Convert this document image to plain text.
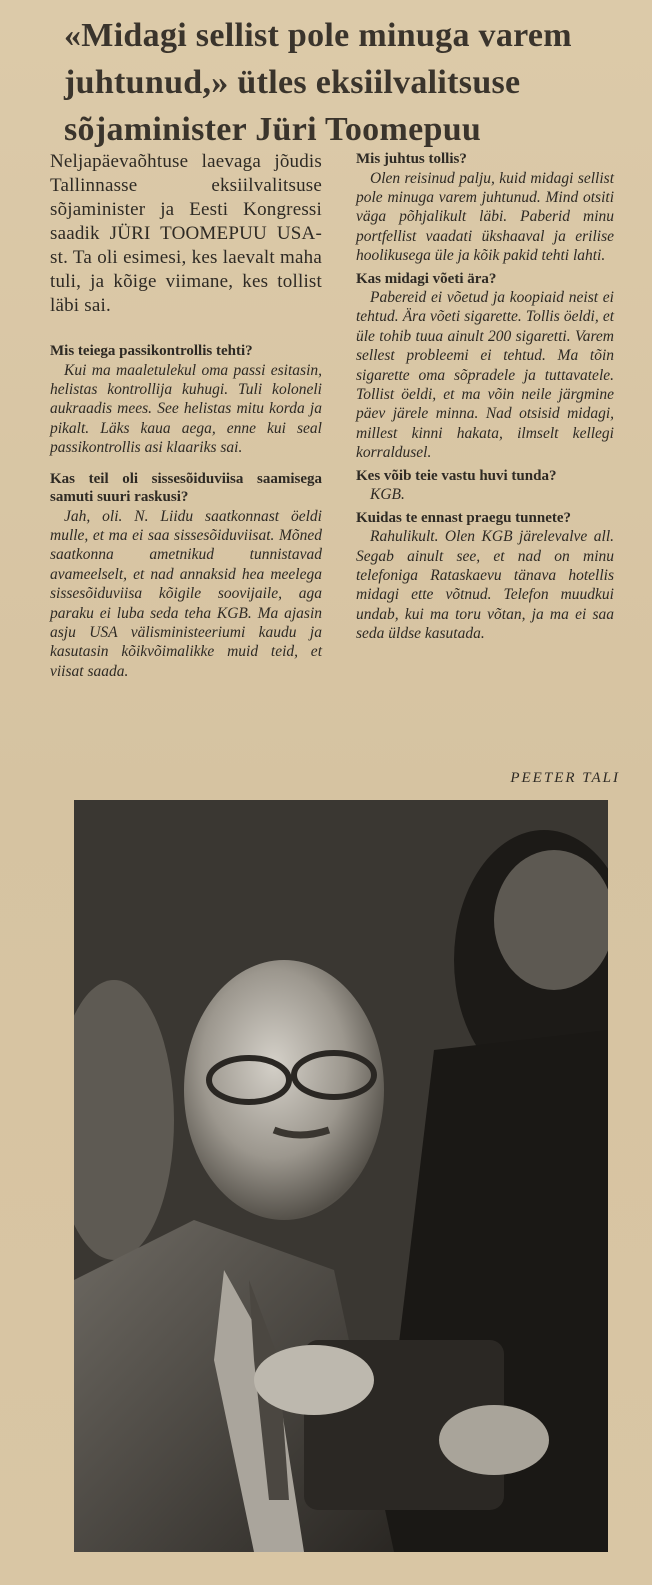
«Midagi sellist pole minuga varem
juhtunud,» ütles eksiilvalitsuse
sõjaminister Jüri Toomepuu

Neljapäevaõhtuse laevaga jõudis Tallinnasse eksiilvalitsuse sõjaminister ja Eesti Kongressi saadik JÜRI TOOMEPUU USA-st. Ta oli esimesi, kes laevalt maha tuli, ja kõige viimane, kes tollist läbi sai.

Mis teiega passikontrollis tehti?

Kui ma maaletulekul oma passi esitasin, helistas kontrollija kuhugi. Tuli koloneli aukraadis mees. See helistas mitu korda ja pikalt. Läks kaua aega, enne kui seal passikontrollis asi klaariks sai.

Kas teil oli sissesõiduviisa saamisega samuti suuri raskusi?

Jah, oli. N. Liidu saatkonnast öeldi mulle, et ma ei saa sissesõiduviisat. Mõned saatkonna ametnikud tunnistavad avameelselt, et nad annaksid hea meelega sissesõiduviisa kõigile soovijaile, aga paraku ei luba seda teha KGB. Ma ajasin asju USA välisministeeriumi kaudu ja kasutasin kõikvõimalikke muid teid, et viisat saada.

Mis juhtus tollis?

Olen reisinud palju, kuid midagi sellist pole minuga varem juhtunud. Mind otsiti väga põhjalikult läbi. Paberid minu portfellist vaadati ükshaaval ja erilise hoolikusega üle ja kõik pakid tehti lahti.

Kas midagi võeti ära?

Pabereid ei võetud ja koopiaid neist ei tehtud. Ära võeti sigarette. Tollis öeldi, et üle tohib tuua ainult 200 sigaretti. Varem sellest probleemi ei tehtud. Ma tõin sigarette oma sõpradele ja tuttavatele. Tollist öeldi, et ma võin neile järgmine päev järele minna. Nad otsisid midagi, millest kinni hakata, ilmselt kellegi korraldusel.

Kes võib teie vastu huvi tunda?

KGB.

Kuidas te ennast praegu tunnete?

Rahulikult. Olen KGB järelevalve all. Segab ainult see, et nad on minu telefoniga Rataskaevu tänava hotellis midagi ette võtnud. Telefon muudkui undab, kui ma toru võtan, ja ma ei saa seda üldse kasutada.

PEETER TALI
